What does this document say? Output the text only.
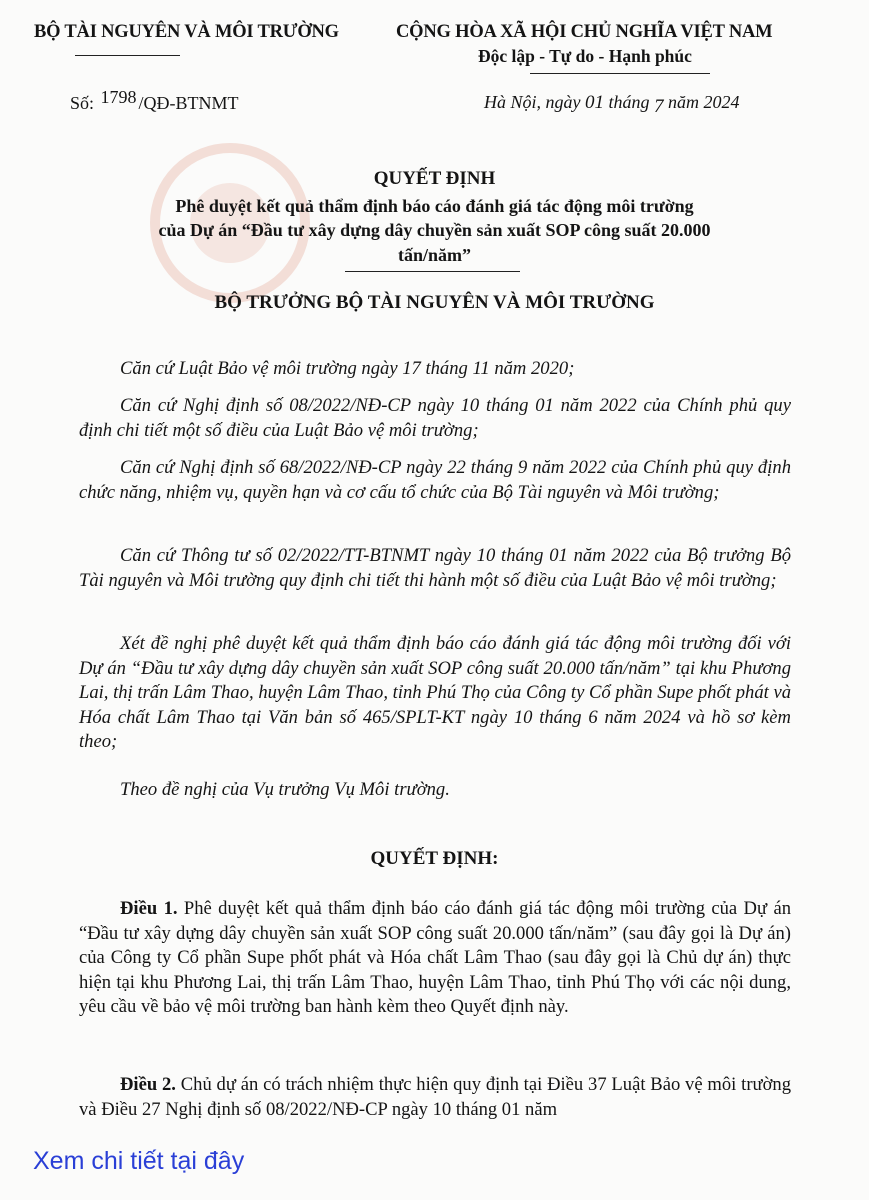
BỘ TÀI NGUYÊN VÀ MÔI TRƯỜNG	CỘNG HÒA XÃ HỘI CHỦ NGHĨA VIỆT NAM
Độc lập - Tự do - Hạnh phúc
Số: 1798 /QĐ-BTNMT	Hà Nội, ngày 01 tháng 7 năm 2024
QUYẾT ĐỊNH
Phê duyệt kết quả thẩm định báo cáo đánh giá tác động môi trường
của Dự án “Đầu tư xây dựng dây chuyền sản xuất SOP công suất 20.000
tấn/năm”
BỘ TRƯỞNG BỘ TÀI NGUYÊN VÀ MÔI TRƯỜNG
Căn cứ Luật Bảo vệ môi trường ngày 17 tháng 11 năm 2020;
Căn cứ Nghị định số 08/2022/NĐ-CP ngày 10 tháng 01 năm 2022 của Chính phủ quy định chi tiết một số điều của Luật Bảo vệ môi trường;
Căn cứ Nghị định số 68/2022/NĐ-CP ngày 22 tháng 9 năm 2022 của Chính phủ quy định chức năng, nhiệm vụ, quyền hạn và cơ cấu tổ chức của Bộ Tài nguyên và Môi trường;
Căn cứ Thông tư số 02/2022/TT-BTNMT ngày 10 tháng 01 năm 2022 của Bộ trưởng Bộ Tài nguyên và Môi trường quy định chi tiết thi hành một số điều của Luật Bảo vệ môi trường;
Xét đề nghị phê duyệt kết quả thẩm định báo cáo đánh giá tác động môi trường đối với Dự án “Đầu tư xây dựng dây chuyền sản xuất SOP công suất 20.000 tấn/năm” tại khu Phương Lai, thị trấn Lâm Thao, huyện Lâm Thao, tỉnh Phú Thọ của Công ty Cổ phần Supe phốt phát và Hóa chất Lâm Thao tại Văn bản số 465/SPLT-KT ngày 10 tháng 6 năm 2024 và hồ sơ kèm theo;
Theo đề nghị của Vụ trưởng Vụ Môi trường.
QUYẾT ĐỊNH:
Điều 1. Phê duyệt kết quả thẩm định báo cáo đánh giá tác động môi trường của Dự án “Đầu tư xây dựng dây chuyền sản xuất SOP công suất 20.000 tấn/năm” (sau đây gọi là Dự án) của Công ty Cổ phần Supe phốt phát và Hóa chất Lâm Thao (sau đây gọi là Chủ dự án) thực hiện tại khu Phương Lai, thị trấn Lâm Thao, huyện Lâm Thao, tỉnh Phú Thọ với các nội dung, yêu cầu về bảo vệ môi trường ban hành kèm theo Quyết định này.
Điều 2. Chủ dự án có trách nhiệm thực hiện quy định tại Điều 37 Luật Bảo vệ môi trường và Điều 27 Nghị định số 08/2022/NĐ-CP ngày 10 tháng 01 năm
Xem chi tiết tại đây
